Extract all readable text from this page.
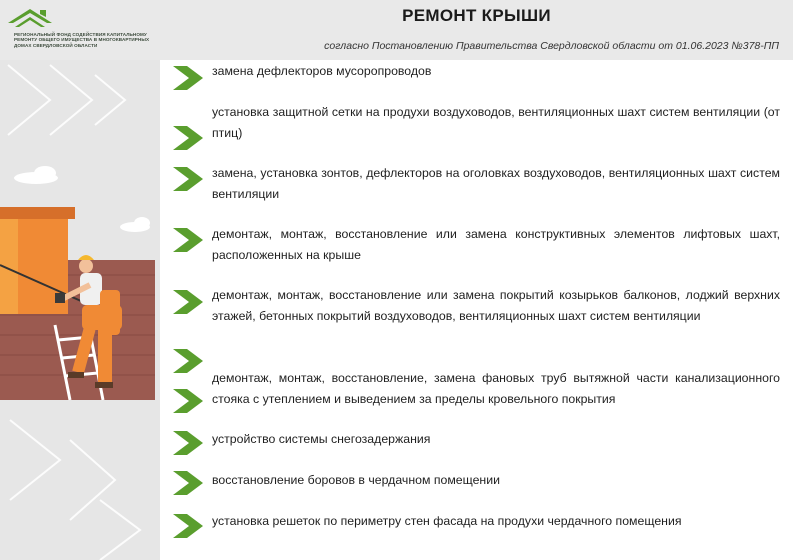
РЕГИОНАЛЬНЫЙ ФОНД СОДЕЙСТВИЯ КАПИТАЛЬНОМУ РЕМОНТУ ОБЩЕГО ИМУЩЕСТВА В МНОГОКВАРТИРНЫХ ДОМАХ СВЕРДЛОВСКОЙ ОБЛАСТИ
РЕМОНТ КРЫШИ
согласно Постановлению Правительства Свердловской области от 01.06.2023 №378-ПП
замена дефлекторов мусоропроводов
установка защитной сетки на продухи воздуховодов, вентиляционных шахт систем вентиляции (от птиц)
замена, установка зонтов, дефлекторов на оголовках воздуховодов, вентиляционных шахт систем вентиляции
демонтаж, монтаж, восстановление или замена конструктивных элементов лифтовых шахт, расположенных на крыше
демонтаж, монтаж, восстановление или замена покрытий козырьков балконов, лоджий верхних этажей, бетонных покрытий воздуховодов, вентиляционных шахт систем вентиляции
демонтаж, монтаж, восстановление, замена фановых труб вытяжной части канализационного стояка с утеплением и выведением за пределы кровельного покрытия
устройство системы снегозадержания
восстановление боровов в чердачном помещении
установка решеток по периметру стен фасада на продухи чердачного помещения
